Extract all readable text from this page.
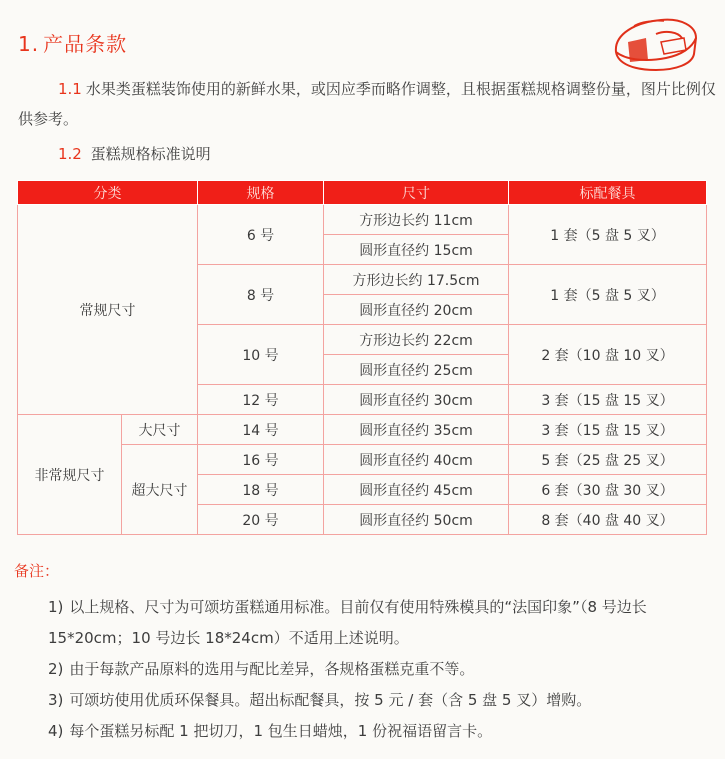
1. 产品条款
1.1 水果类蛋糕装饰使用的新鲜水果，或因应季而略作调整，且根据蛋糕规格调整份量，图片比例仅供参考。
1.2 蛋糕规格标准说明
分类		规格	尺寸	标配餐具
常规尺寸		6 号	方形边长约 11cm	1 套（5 盘 5 叉）
			圆形直径约 15cm	
		8 号	方形边长约 17.5cm	1 套（5 盘 5 叉）
			圆形直径约 20cm	
		10 号	方形边长约 22cm	2 套（10 盘 10 叉）
			圆形直径约 25cm	
		12 号	圆形直径约 30cm	3 套（15 盘 15 叉）
非常规尺寸	大尺寸	14 号	圆形直径约 35cm	3 套（15 盘 15 叉）
	超大尺寸	16 号	圆形直径约 40cm	5 套（25 盘 25 叉）
		18 号	圆形直径约 45cm	6 套（30 盘 30 叉）
		20 号	圆形直径约 50cm	8 套（40 盘 40 叉）
备注：

1) 以上规格、尺寸为可颂坊蛋糕通用标准。目前仅有使用特殊模具的“法国印象”（8 号边长 15*20cm；10 号边长 18*24cm）不适用上述说明。

2) 由于每款产品原料的选用与配比差异，各规格蛋糕克重不等。

3) 可颂坊使用优质环保餐具。超出标配餐具，按 5 元 / 套（含 5 盘 5 叉）增购。

4) 每个蛋糕另标配 1 把切刀，1 包生日蜡烛，1 份祝福语留言卡。
